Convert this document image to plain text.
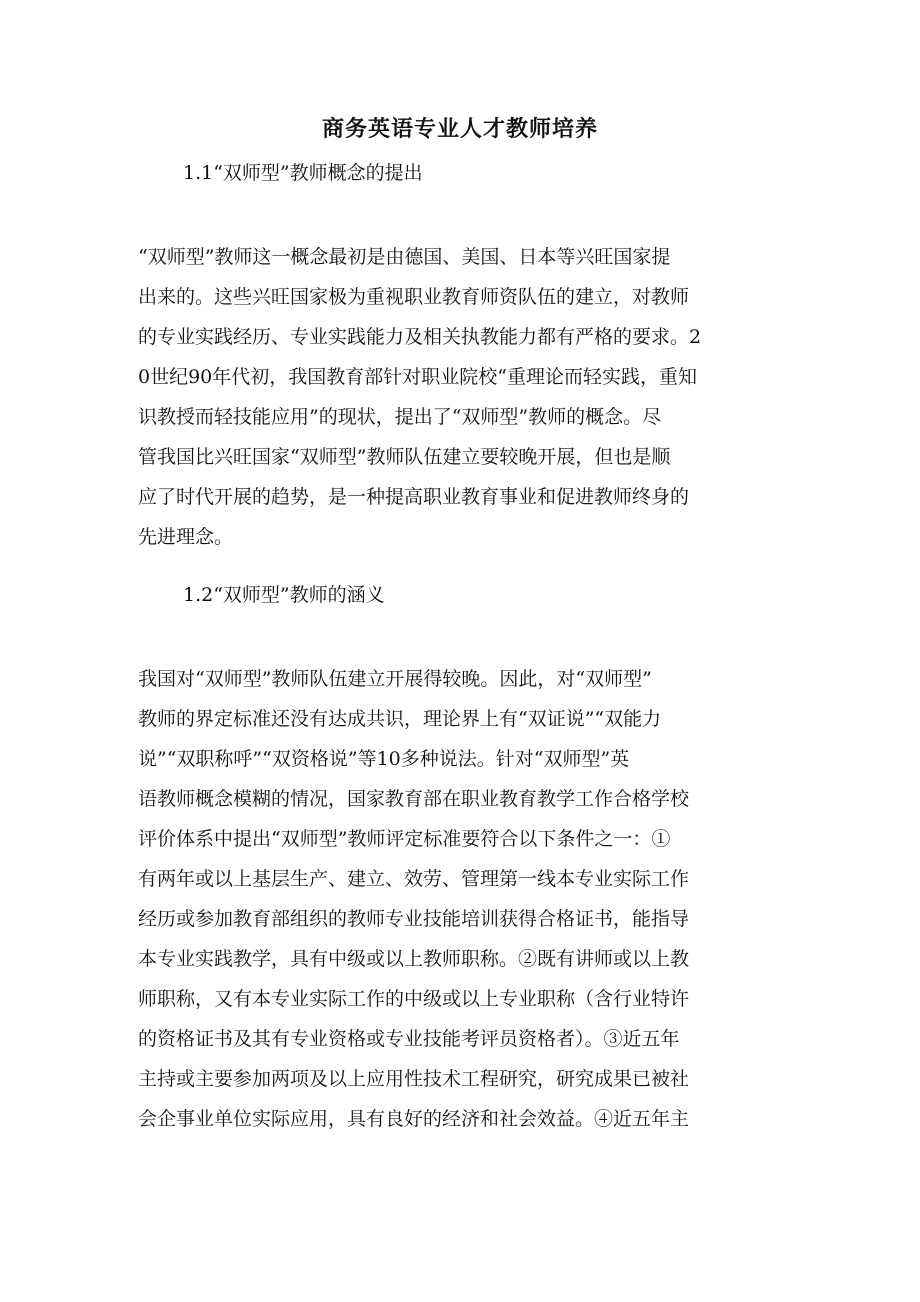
商务英语专业人才教师培养
1.1“双师型”教师概念的提出
“双师型”教师这一概念最初是由德国、美国、日本等兴旺国家提
出来的。这些兴旺国家极为重视职业教育师资队伍的建立，对教师
的专业实践经历、专业实践能力及相关执教能力都有严格的要求。2
0世纪90年代初，我国教育部针对职业院校“重理论而轻实践，重知
识教授而轻技能应用”的现状，提出了“双师型”教师的概念。尽
管我国比兴旺国家“双师型”教师队伍建立要较晚开展，但也是顺
应了时代开展的趋势，是一种提高职业教育事业和促进教师终身的
先进理念。
1.2“双师型”教师的涵义
我国对“双师型”教师队伍建立开展得较晚。因此，对“双师型”
教师的界定标准还没有达成共识，理论界上有“双证说”“双能力
说”“双职称呼”“双资格说”等10多种说法。针对“双师型”英
语教师概念模糊的情况，国家教育部在职业教育教学工作合格学校
评价体系中提出“双师型”教师评定标准要符合以下条件之一：①
有两年或以上基层生产、建立、效劳、管理第一线本专业实际工作
经历或参加教育部组织的教师专业技能培训获得合格证书，能指导
本专业实践教学，具有中级或以上教师职称。②既有讲师或以上教
师职称，又有本专业实际工作的中级或以上专业职称（含行业特许
的资格证书及其有专业资格或专业技能考评员资格者）。③近五年
主持或主要参加两项及以上应用性技术工程研究，研究成果已被社
会企事业单位实际应用，具有良好的经济和社会效益。④近五年主
